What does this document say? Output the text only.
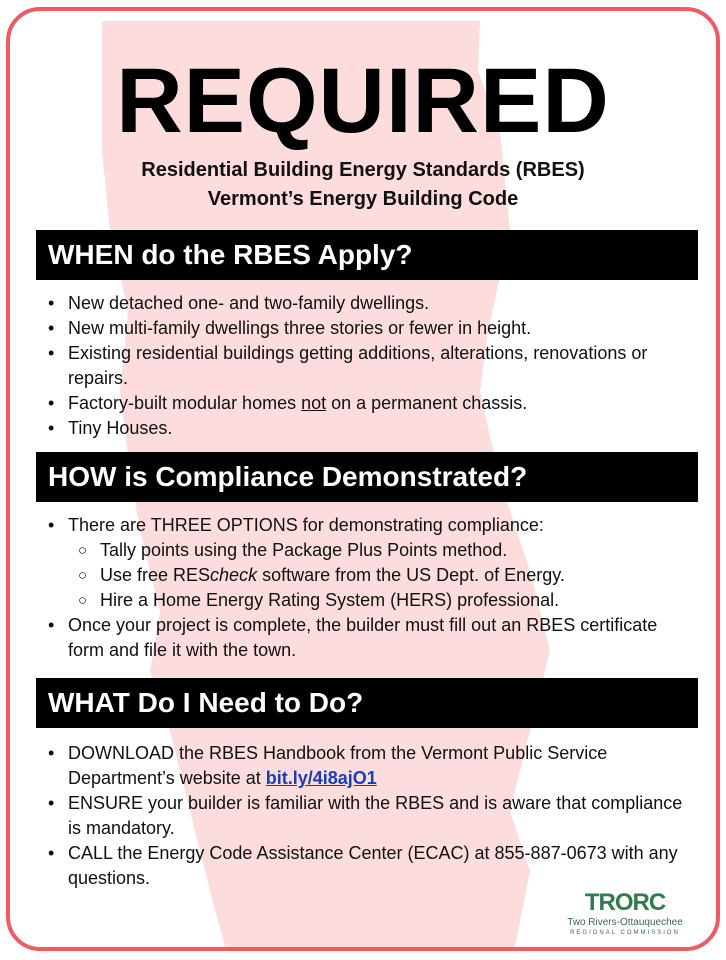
REQUIRED
Residential Building Energy Standards (RBES)
Vermont’s Energy Building Code
WHEN do the RBES Apply?
• New detached one- and two-family dwellings.
• New multi-family dwellings three stories or fewer in height.
• Existing residential buildings getting additions, alterations, renovations or repairs.
• Factory-built modular homes not on a permanent chassis.
• Tiny Houses.
HOW is Compliance Demonstrated?
• There are THREE OPTIONS for demonstrating compliance:
○ Tally points using the Package Plus Points method.
○ Use free REScheck software from the US Dept. of Energy.
○ Hire a Home Energy Rating System (HERS) professional.
• Once your project is complete, the builder must fill out an RBES certificate form and file it with the town.
WHAT Do I Need to Do?
• DOWNLOAD the RBES Handbook from the Vermont Public Service Department’s website at bit.ly/4i8ajO1
• ENSURE your builder is familiar with the RBES and is aware that compliance is mandatory.
• CALL the Energy Code Assistance Center (ECAC) at 855-887-0673 with any questions.
TRORC
Two Rivers-Ottauquechee
REGIONAL COMMISSION
